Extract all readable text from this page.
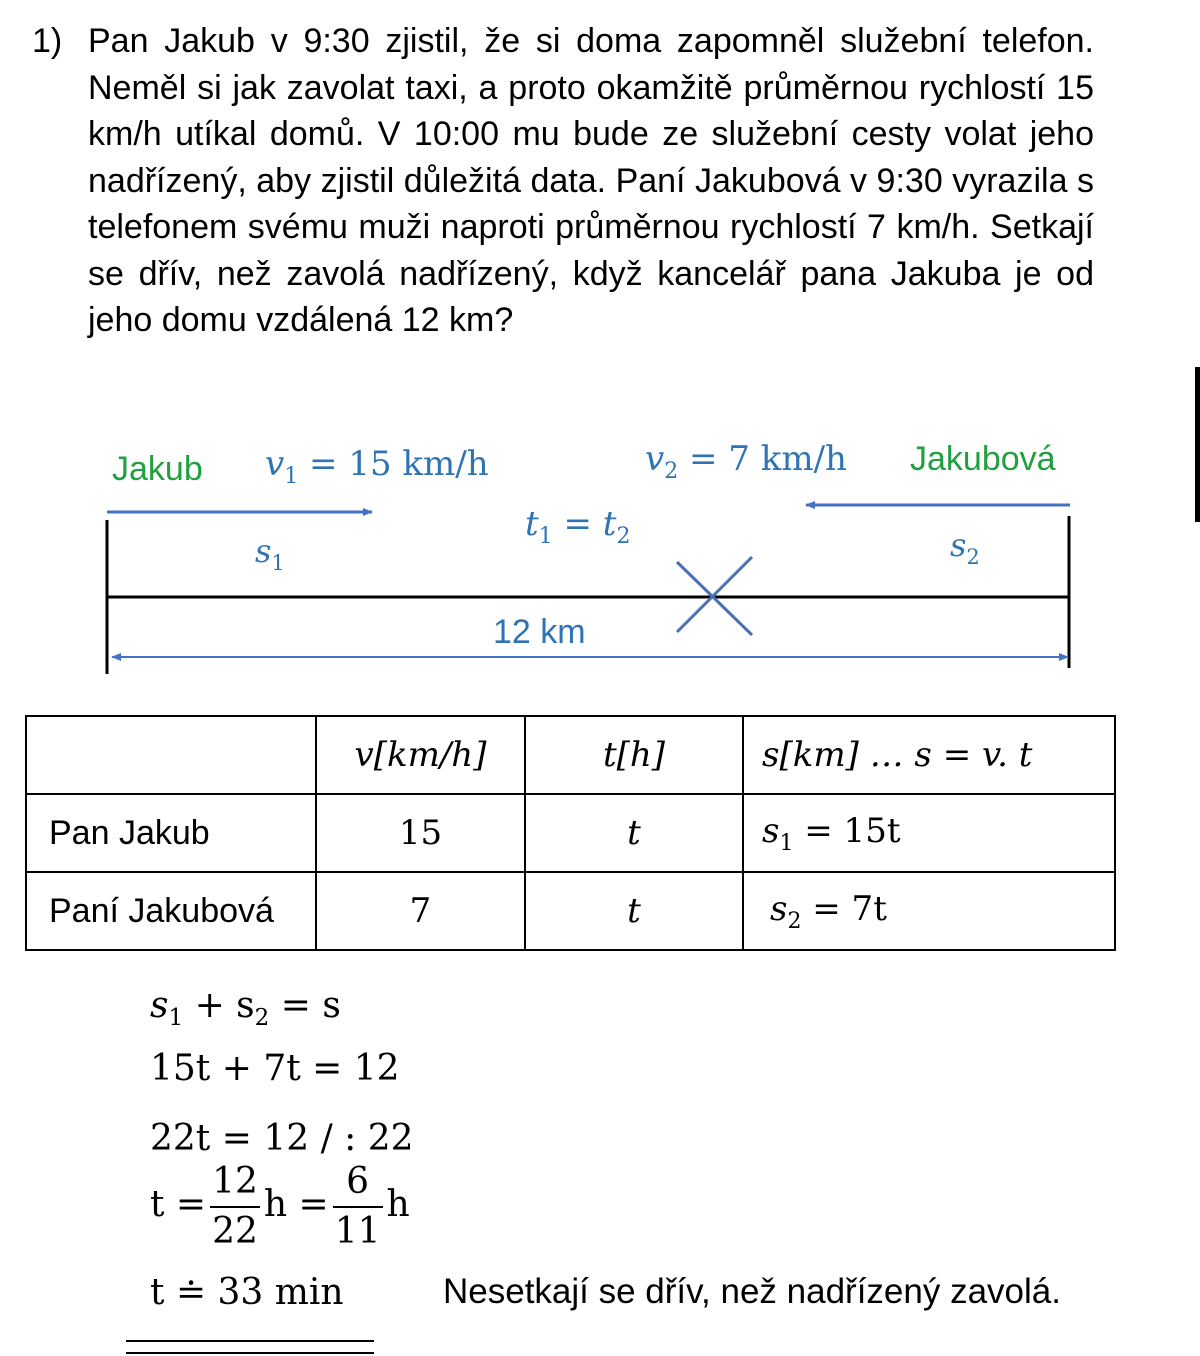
1) Pan Jakub v 9:30 zjistil, že si doma zapomněl služební telefon. Neměl si jak zavolat taxi, a proto okamžitě průměrnou rychlostí 15 km/h utíkal domů. V 10:00 mu bude ze služební cesty volat jeho nadřízený, aby zjistil důležitá data. Paní Jakubová v 9:30 vyrazila s telefonem svému muži naproti průměrnou rychlostí 7 km/h. Setkají se dřív, než zavolá nadřízený, když kancelář pana Jakuba je od jeho domu vzdálená 12 km?
Jakub	Jakubová
$v_1 = 15$ km/h	$v_2 = 7$ km/h
$t_1 = t_2$
$s_1$	$s_2$
12 km
	v[km/h]	t[h]	s[km] … s = v. t
Pan Jakub	15	t	$s_1 = 15t$
Paní Jakubová	7	t	$s_2 = 7t$
$s_1 + s_2 = s$
15t + 7t = 12
22t = 12 / : 22
$t = \frac{12}{22}$ $h = \frac{6}{11}$ h
t ≐ 33 min	Nesetkají se dřív, než nadřízený zavolá.
